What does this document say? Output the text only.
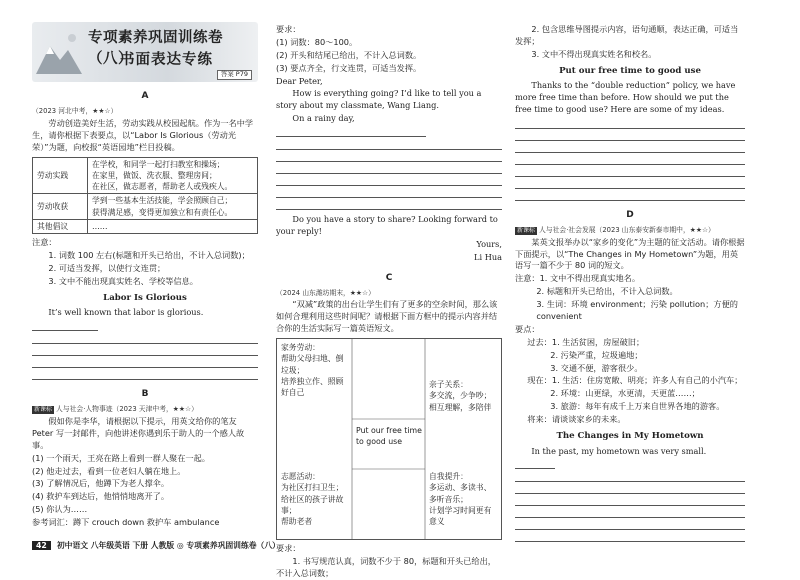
专项素养巩固训练卷（八）
书面表达专练
答案 P79
A

（2023 河北中考，★★☆）

劳动创造美好生活，劳动实践从校园起航。作为一名中学生，请你根据下表要点，以“Labor Is Glorious（劳动光荣）”为题，向校报“英语园地”栏目投稿。

劳动实践	在学校，和同学一起打扫教室和操场；
在家里，做饭、洗衣服、整理房间；
在社区，做志愿者，帮助老人或残疾人。

劳动收获	学到一些基本生活技能，学会照顾自己；
获得满足感，变得更加独立和有责任心。

其他倡议	……

注意：

1. 词数 100 左右(标题和开头已给出，不计入总词数)；

2. 可适当发挥，以使行文连贯；

3. 文中不能出现真实姓名、学校等信息。

Labor Is Glorious

It’s well known that labor is glorious.

B

新课标 人与社会·人物事迹（2023 天津中考，★★☆）

假如你是李华，请根据以下提示，用英文给你的笔友 Peter 写一封邮件，向他讲述你遇到乐于助人的一个感人故事。

(1) 一个雨天，王亮在路上看到一群人聚在一起。

(2) 他走过去，看到一位老妇人躺在地上。

(3) 了解情况后，他蹲下为老人撑伞。

(4) 救护车到达后，他悄悄地离开了。

(5) 你认为……

参考词汇：蹲下 crouch down 救护车 ambulance

要求：

(1) 词数：80～100。

(2) 开头和结尾已给出，不计入总词数。

(3) 要点齐全，行文连贯，可适当发挥。

Dear Peter,

How is everything going? I’d like to tell you a story about my classmate, Wang Liang.

On a rainy day,

Do you have a story to share? Looking forward to your reply!

Yours,

Li Hua

C

（2024 山东潍坊期末，★★☆）

“双减”政策的出台让学生们有了更多的空余时间，那么该如何合理利用这些时间呢？请根据下面方框中的提示内容并结合你的生活实际写一篇英语短文。

家务劳动：
帮助父母扫地、倒垃圾；
培养独立作、照顾好自己
亲子关系：
多交流，少争吵；
相互理解，多陪伴
Put our free time
to good use
志愿活动：
为社区打扫卫生；
给社区的孩子讲故事；
帮助老者
自我提升：
多运动、多读书、多听音乐；
计划学习时间更有意义

要求：

1. 书写规范认真，词数不少于 80，标题和开头已给出，不计入总词数；

2. 包含思维导图提示内容，语句通顺，表达正确，可适当发挥；

3. 文中不得出现真实姓名和校名。

Put our free time to good use

Thanks to the “double reduction” policy, we have more free time than before. How should we put the free time to good use? Here are some of my ideas.

D

新课标 人与社会·社会发展（2023 山东泰安新泰市期中，★★☆）

某英文报举办以“家乡的变化”为主题的征文活动。请你根据下面提示，以“The Changes in My Hometown”为题，用英语写一篇不少于 80 词的短文。

注意：1. 文中不得出现真实地名。

2. 标题和开头已给出，不计入总词数。

3. 生词：环境 environment；污染 pollution；方便的 convenient

要点：

过去：1. 生活贫困，房屋破旧；

2. 污染严重，垃圾遍地；

3. 交通不便，游客很少。

现在：1. 生活：住房宽敞、明亮；许多人有自己的小汽车；

2. 环境：山更绿，水更清，天更蓝……；

3. 旅游：每年有成千上万来自世界各地的游客。

将来：请谈谈家乡的未来。

The Changes in My Hometown

In the past, my hometown was very small.

42 初中语文 八年级英语 下册 人教版 ◎ 专项素养巩固训练卷（八）
